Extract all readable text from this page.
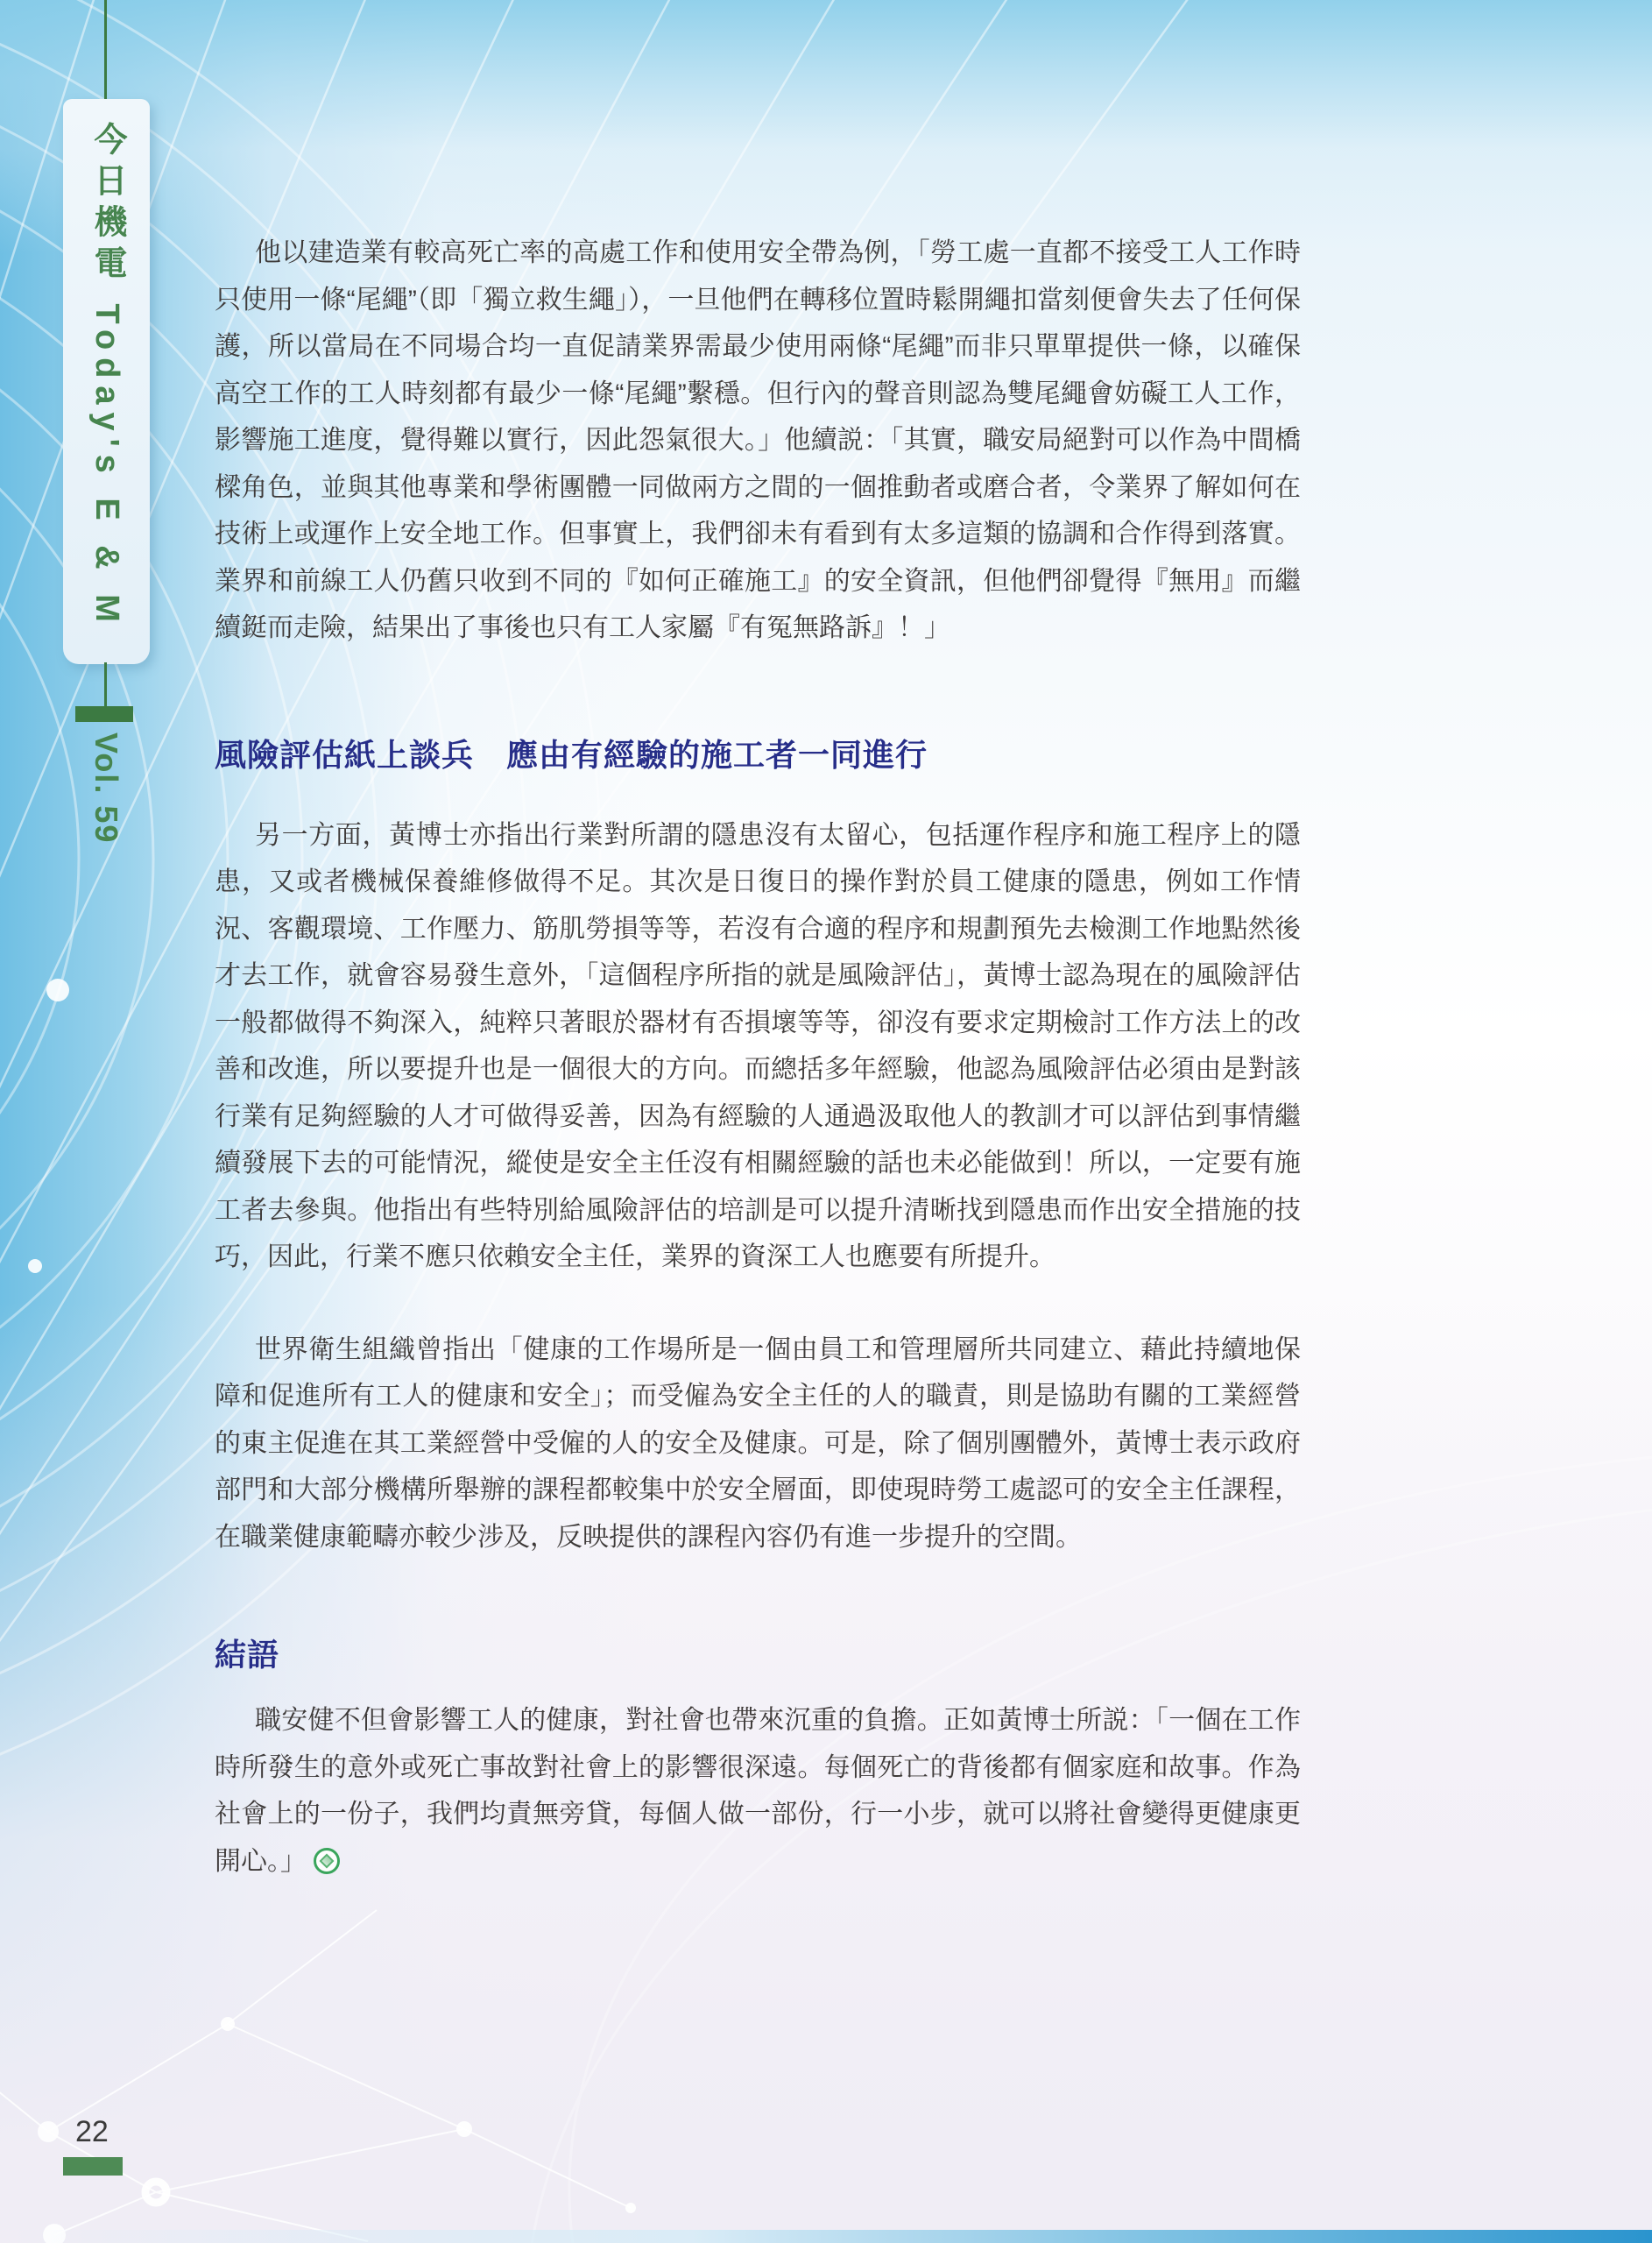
今日機電 Today's E & M
Vol. 59

他以建造業有較高死亡率的高處工作和使用安全帶為例，「勞工處一直都不接受工人工作時只使用一條“尾繩”（即「獨立救生繩」），一旦他們在轉移位置時鬆開繩扣當刻便會失去了任何保護，所以當局在不同場合均一直促請業界需最少使用兩條“尾繩”而非只單單提供一條，以確保高空工作的工人時刻都有最少一條“尾繩”繫穩。但行內的聲音則認為雙尾繩會妨礙工人工作，影響施工進度，覺得難以實行，因此怨氣很大。」他續説：「其實，職安局絕對可以作為中間橋樑角色，並與其他專業和學術團體一同做兩方之間的一個推動者或磨合者，令業界了解如何在技術上或運作上安全地工作。但事實上，我們卻未有看到有太多這類的協調和合作得到落實。業界和前線工人仍舊只收到不同的『如何正確施工』的安全資訊，但他們卻覺得『無用』而繼續鋌而走險，結果出了事後也只有工人家屬『有冤無路訴』！」

風險評估紙上談兵　應由有經驗的施工者一同進行

另一方面，黃博士亦指出行業對所謂的隱患沒有太留心，包括運作程序和施工程序上的隱患，又或者機械保養維修做得不足。其次是日復日的操作對於員工健康的隱患，例如工作情況、客觀環境、工作壓力、筋肌勞損等等，若沒有合適的程序和規劃預先去檢測工作地點然後才去工作，就會容易發生意外，「這個程序所指的就是風險評估」，黃博士認為現在的風險評估一般都做得不夠深入，純粹只著眼於器材有否損壞等等，卻沒有要求定期檢討工作方法上的改善和改進，所以要提升也是一個很大的方向。而總括多年經驗，他認為風險評估必須由是對該行業有足夠經驗的人才可做得妥善，因為有經驗的人通過汲取他人的教訓才可以評估到事情繼續發展下去的可能情況，縱使是安全主任沒有相關經驗的話也未必能做到！所以，一定要有施工者去參與。他指出有些特別給風險評估的培訓是可以提升清晰找到隱患而作出安全措施的技巧，因此，行業不應只依賴安全主任，業界的資深工人也應要有所提升。

世界衛生組織曾指出「健康的工作場所是一個由員工和管理層所共同建立、藉此持續地保障和促進所有工人的健康和安全」；而受僱為安全主任的人的職責，則是協助有關的工業經營的東主促進在其工業經營中受僱的人的安全及健康。可是，除了個別團體外，黃博士表示政府部門和大部分機構所舉辦的課程都較集中於安全層面，即使現時勞工處認可的安全主任課程，在職業健康範疇亦較少涉及，反映提供的課程內容仍有進一步提升的空間。

結語

職安健不但會影響工人的健康，對社會也帶來沉重的負擔。正如黃博士所説：「一個在工作時所發生的意外或死亡事故對社會上的影響很深遠。每個死亡的背後都有個家庭和故事。作為社會上的一份子，我們均責無旁貸，每個人做一部份，行一小步，就可以將社會變得更健康更開心。」

22
